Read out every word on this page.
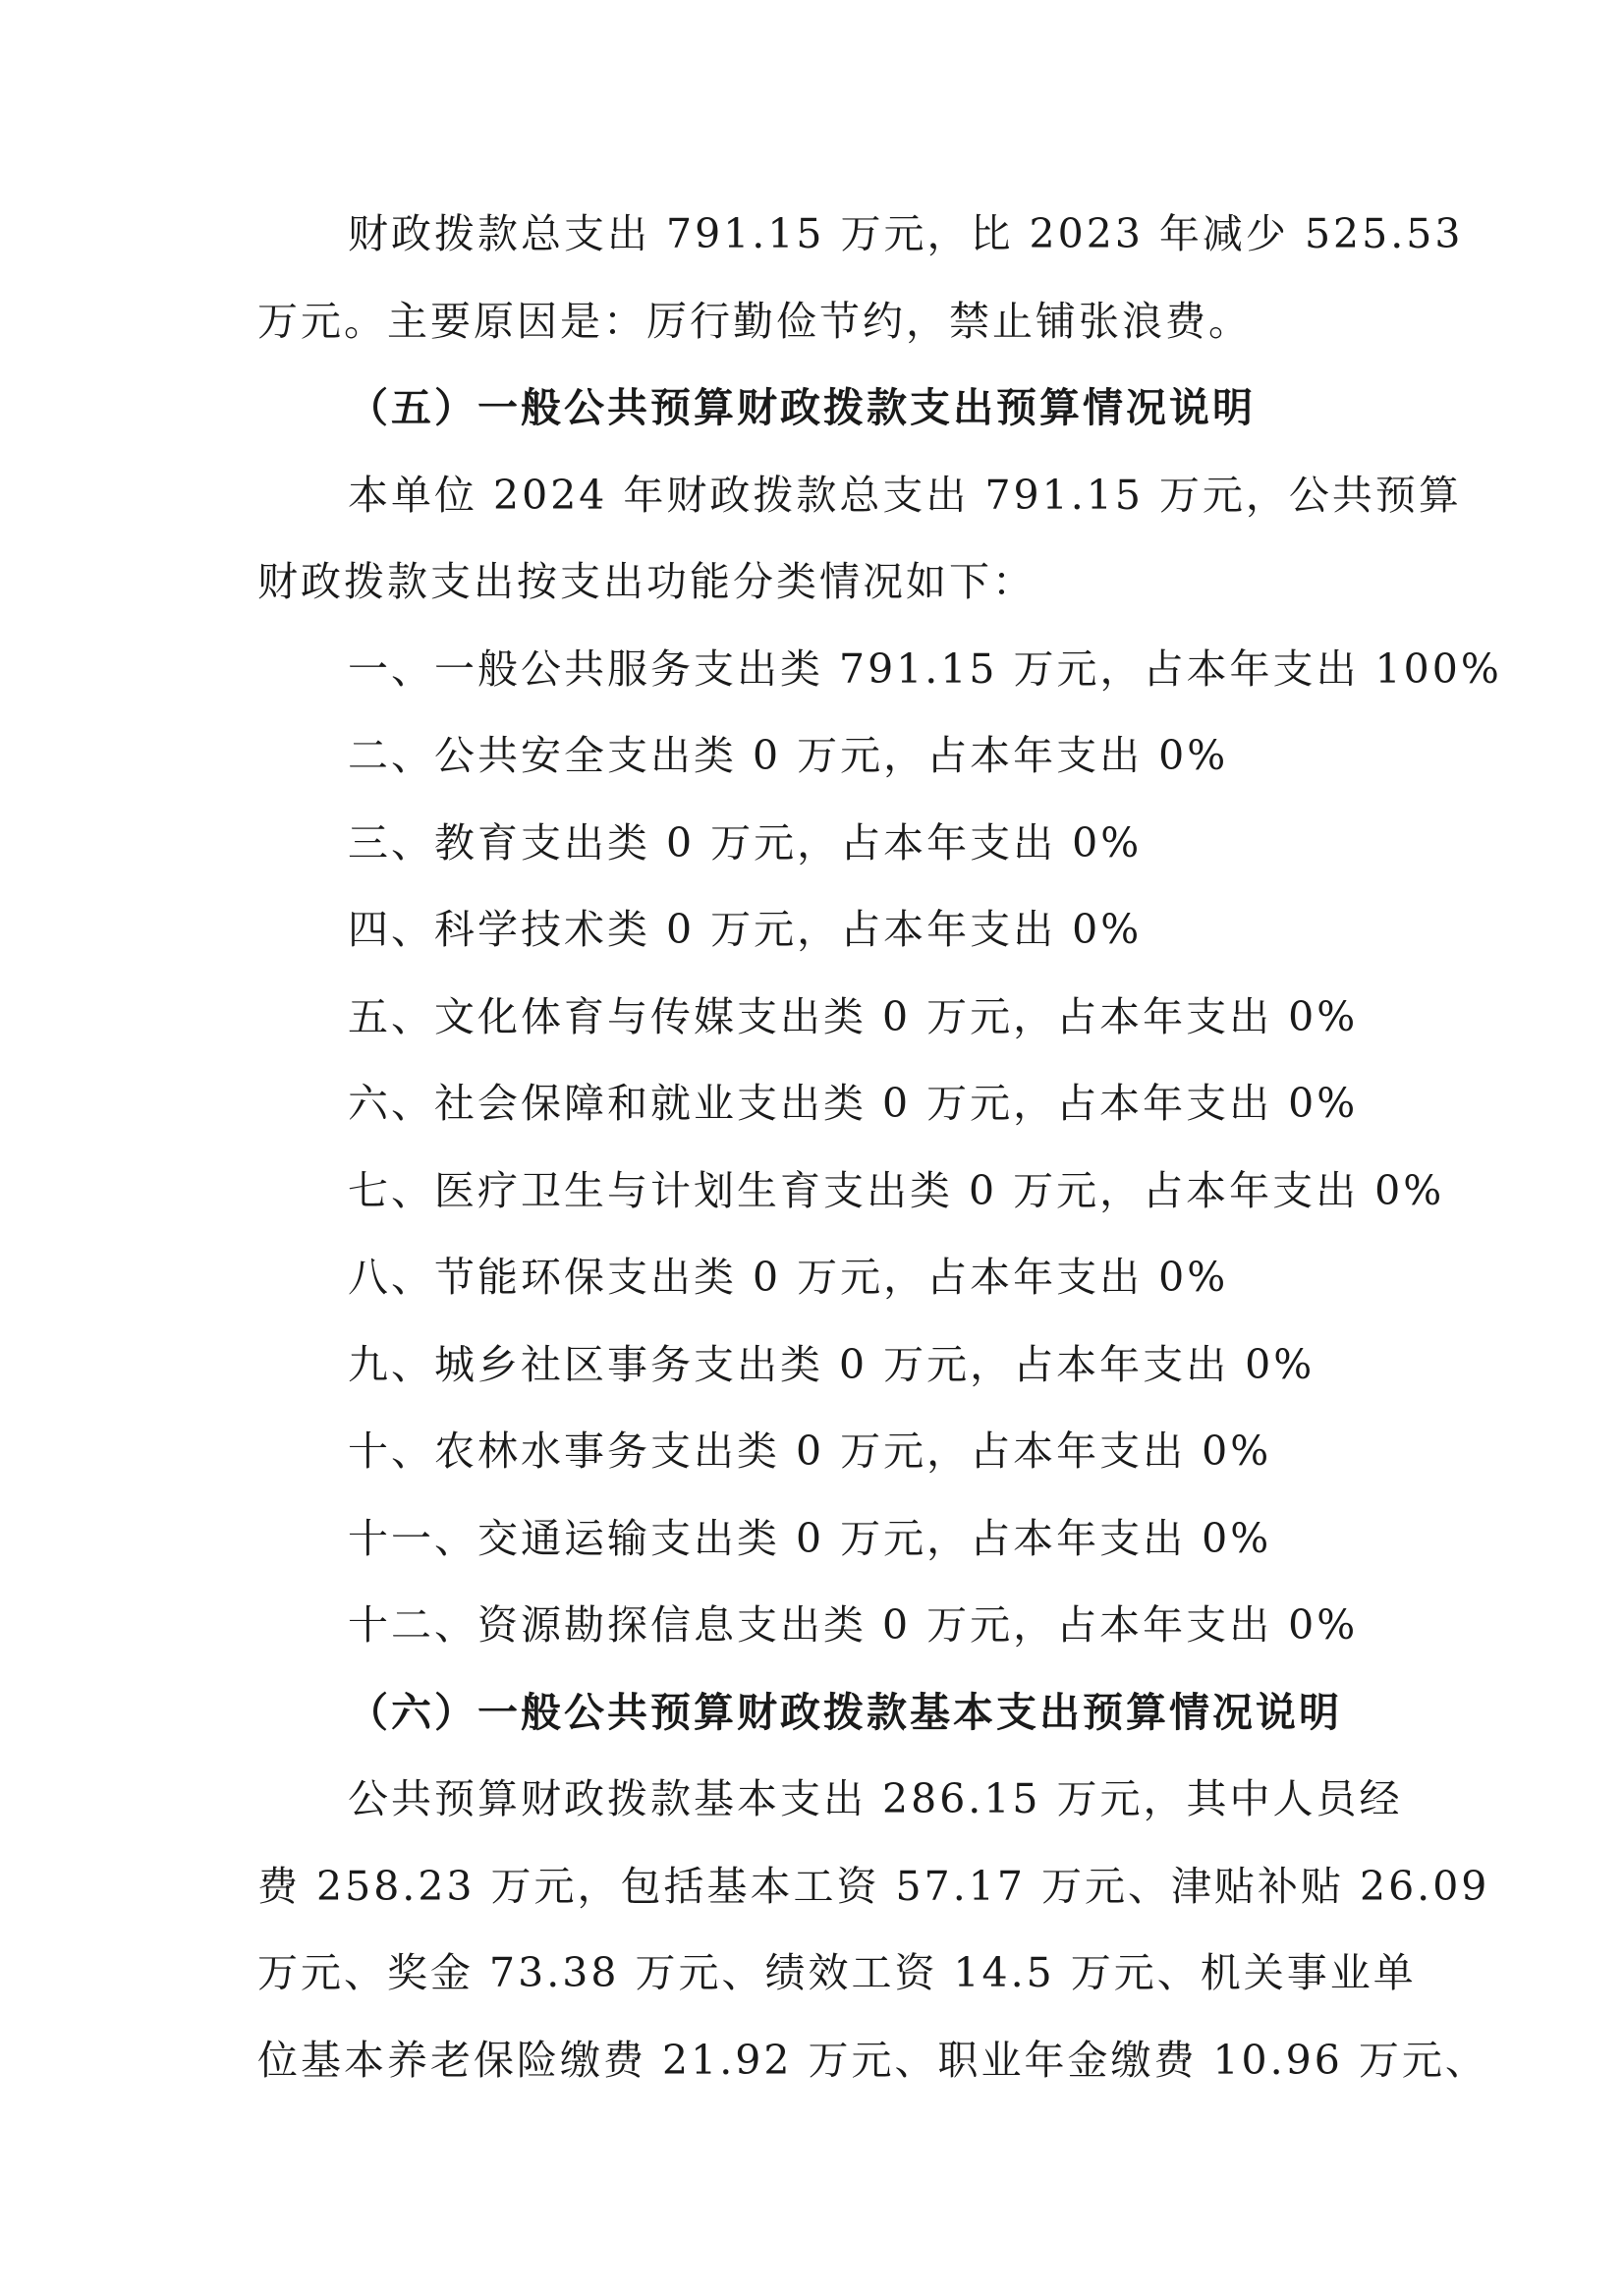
财政拨款总支出 791.15 万元，比 2023 年减少 525.53
万元。主要原因是：厉行勤俭节约，禁止铺张浪费。
（五）一般公共预算财政拨款支出预算情况说明
本单位 2024 年财政拨款总支出 791.15 万元，公共预算
财政拨款支出按支出功能分类情况如下：
一、一般公共服务支出类 791.15 万元，占本年支出 100%
二、公共安全支出类 0 万元，占本年支出 0%
三、教育支出类 0 万元，占本年支出 0%
四、科学技术类 0 万元，占本年支出 0%
五、文化体育与传媒支出类 0 万元，占本年支出 0%
六、社会保障和就业支出类 0 万元，占本年支出 0%
七、医疗卫生与计划生育支出类 0 万元，占本年支出 0%
八、节能环保支出类 0 万元，占本年支出 0%
九、城乡社区事务支出类 0 万元，占本年支出 0%
十、农林水事务支出类 0 万元，占本年支出 0%
十一、交通运输支出类 0 万元，占本年支出 0%
十二、资源勘探信息支出类 0 万元，占本年支出 0%
（六）一般公共预算财政拨款基本支出预算情况说明
公共预算财政拨款基本支出 286.15 万元，其中人员经
费 258.23 万元，包括基本工资 57.17 万元、津贴补贴 26.09
万元、奖金 73.38 万元、绩效工资 14.5 万元、机关事业单
位基本养老保险缴费 21.92 万元、职业年金缴费 10.96 万元、
